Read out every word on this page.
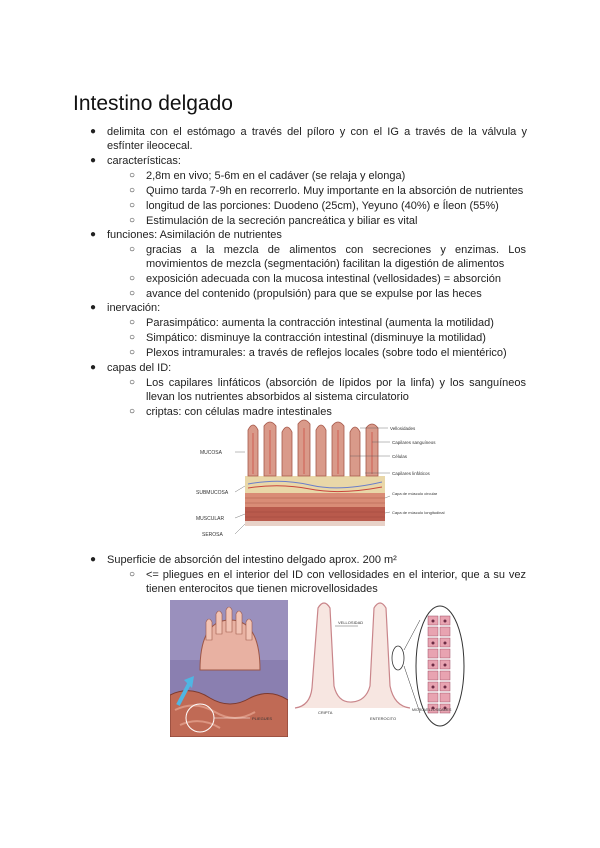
Intestino delgado
● delimita con el estómago a través del píloro y con el IG a través de la válvula y
esfínter ileocecal.
● características:
○ 2,8m en vivo; 5-6m en el cadáver (se relaja y elonga)
○ Quimo tarda 7-9h en recorrerlo. Muy importante en la absorción de nutrientes
○ longitud de las porciones: Duodeno (25cm), Yeyuno (40%) e Íleon (55%)
○ Estimulación de la secreción pancreática y biliar es vital
● funciones: Asimilación de nutrientes
○ gracias a la mezcla de alimentos con secreciones y enzimas. Los
movimientos de mezcla (segmentación) facilitan la digestión de alimentos
○ exposición adecuada con la mucosa intestinal (vellosidades) = absorción
○ avance del contenido (propulsión) para que se expulse por las heces
● inervación:
○ Parasimpático: aumenta la contracción intestinal (aumenta la motilidad)
○ Simpático: disminuye la contracción intestinal (disminuye la motilidad)
○ Plexos intramurales: a través de reflejos locales (sobre todo el mientérico)
● capas del ID:
○ Los capilares linfáticos (absorción de lípidos por la linfa) y los sanguíneos
llevan los nutrientes absorbidos al sistema circulatorio
○ criptas: con células madre intestinales
MUCOSA
SUBMUCOSA
MUSCULAR
SEROSA
Vellosidades
Capilares sanguíneos
Células
Capilares linfáticos
Capa de músculo circular
Capa de músculo longitudinal
● Superficie de absorción del intestino delgado aprox. 200 m²
○ <= pliegues en el interior del ID con vellosidades en el interior, que a su vez
tienen enterocitos que tienen microvellosidades
PLIEGUES
VELLOSIDAD
CRIPTA
ENTEROCITO
MICROVELLOSIDADES
